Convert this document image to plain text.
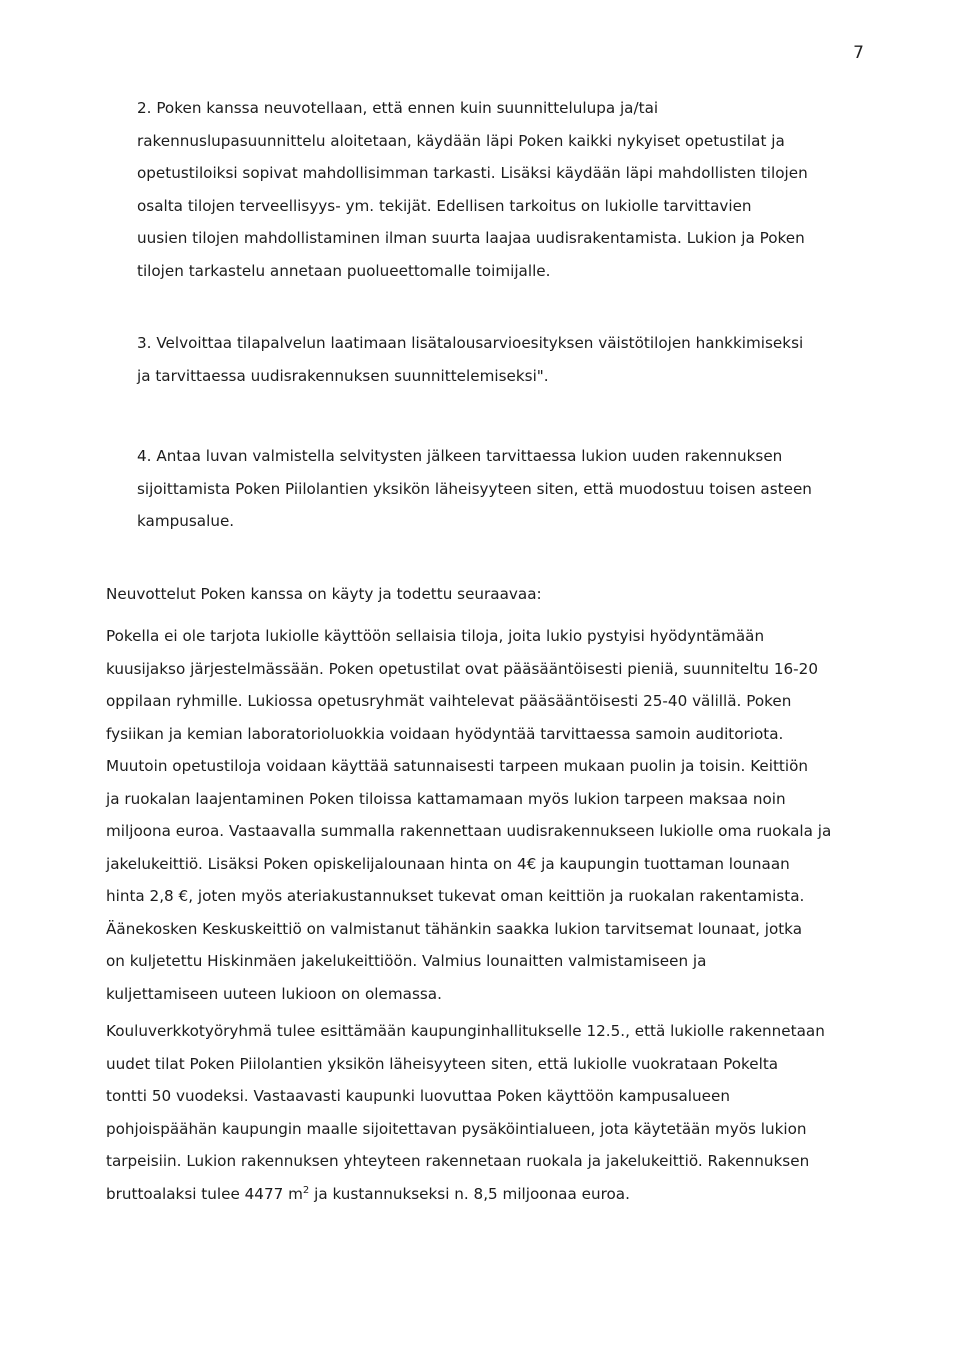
7
2. Poken kanssa neuvotellaan, että ennen kuin suunnittelulupa ja/tai
rakennuslupasuunnittelu aloitetaan, käydään läpi Poken kaikki nykyiset opetustilat ja
opetustiloiksi sopivat mahdollisimman tarkasti. Lisäksi käydään läpi mahdollisten tilojen
osalta tilojen terveellisyys- ym. tekijät. Edellisen tarkoitus on lukiolle tarvittavien
uusien tilojen mahdollistaminen ilman suurta laajaa uudisrakentamista. Lukion ja Poken
tilojen tarkastelu annetaan puolueettomalle toimijalle.
3. Velvoittaa tilapalvelun laatimaan lisätalousarvioesityksen väistötilojen hankkimiseksi
ja tarvittaessa uudisrakennuksen suunnittelemiseksi".
4. Antaa luvan valmistella selvitysten jälkeen tarvittaessa lukion uuden rakennuksen
sijoittamista Poken Piilolantien yksikön läheisyyteen siten, että muodostuu toisen asteen
kampusalue.
Neuvottelut Poken kanssa on käyty ja todettu seuraavaa:
Pokella ei ole tarjota lukiolle käyttöön sellaisia tiloja, joita lukio pystyisi hyödyntämään
kuusijakso järjestelmässään. Poken opetustilat ovat pääsääntöisesti pieniä, suunniteltu 16-20
oppilaan ryhmille. Lukiossa opetusryhmät vaihtelevat pääsääntöisesti 25-40 välillä. Poken
fysiikan ja kemian laboratorioluokkia voidaan hyödyntää tarvittaessa samoin auditoriota.
Muutoin opetustiloja voidaan käyttää satunnaisesti tarpeen mukaan puolin ja toisin. Keittiön
ja ruokalan laajentaminen Poken tiloissa kattamamaan myös lukion tarpeen maksaa noin
miljoona euroa. Vastaavalla summalla rakennettaan uudisrakennukseen lukiolle oma ruokala ja
jakelukeittiö. Lisäksi Poken opiskelijalounaan hinta on 4€ ja kaupungin tuottaman lounaan
hinta 2,8 €, joten myös ateriakustannukset tukevat oman keittiön ja ruokalan rakentamista.
Äänekosken Keskuskeittiö on valmistanut tähänkin saakka lukion tarvitsemat lounaat, jotka
on kuljetettu Hiskinmäen jakelukeittiöön. Valmius lounaitten valmistamiseen ja
kuljettamiseen uuteen lukioon on olemassa.
Kouluverkkotyöryhmä tulee esittämään kaupunginhallitukselle 12.5., että lukiolle rakennetaan
uudet tilat Poken Piilolantien yksikön läheisyyteen siten, että lukiolle vuokrataan Pokelta
tontti 50 vuodeksi. Vastaavasti kaupunki luovuttaa Poken käyttöön kampusalueen
pohjoispäähän kaupungin maalle sijoitettavan pysäköintialueen, jota käytetään myös lukion
tarpeisiin. Lukion rakennuksen yhteyteen rakennetaan ruokala ja jakelukeittiö. Rakennuksen
bruttoalaksi tulee 4477 $m^2$ ja kustannukseksi n. 8,5 miljoonaa euroa.
